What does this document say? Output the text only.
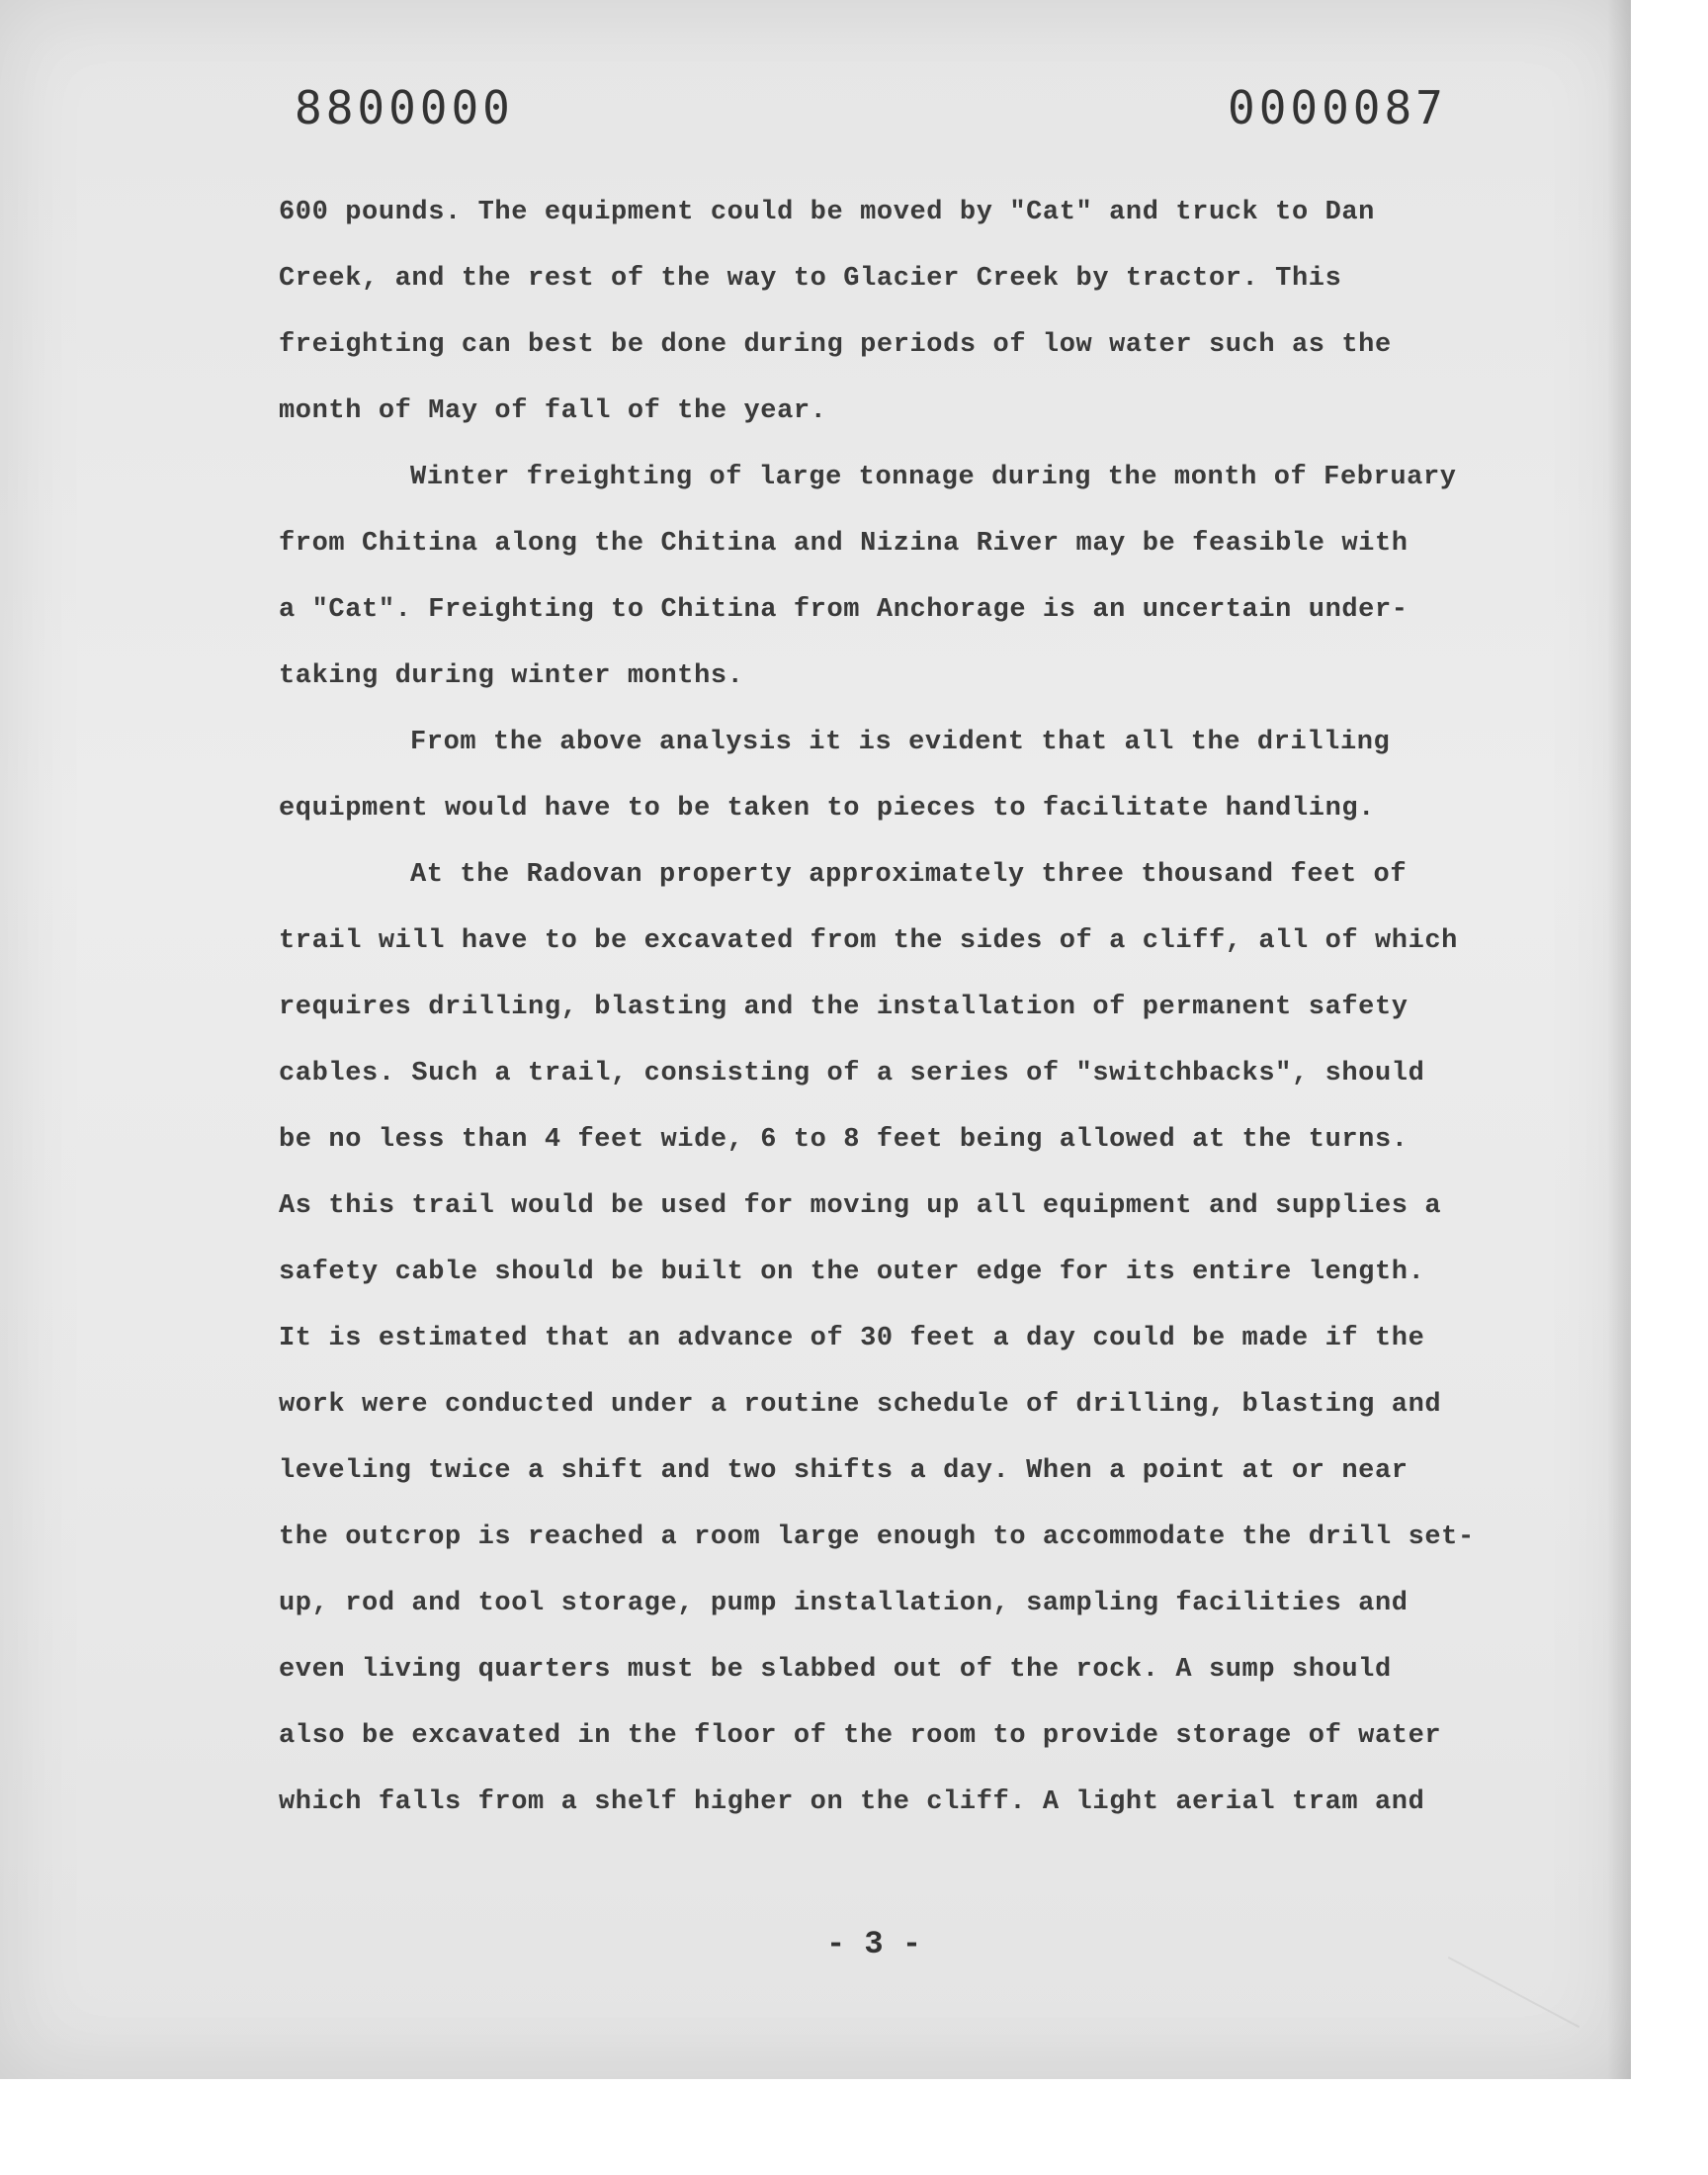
8800000	0000087
600 pounds. The equipment could be moved by "Cat" and truck to Dan
Creek, and the rest of the way to Glacier Creek by tractor. This
freighting can best be done during periods of low water such as the
month of May of fall of the year.
Winter freighting of large tonnage during the month of February
from Chitina along the Chitina and Nizina River may be feasible with
a "Cat". Freighting to Chitina from Anchorage is an uncertain under-
taking during winter months.
From the above analysis it is evident that all the drilling
equipment would have to be taken to pieces to facilitate handling.
At the Radovan property approximately three thousand feet of
trail will have to be excavated from the sides of a cliff, all of which
requires drilling, blasting and the installation of permanent safety
cables. Such a trail, consisting of a series of "switchbacks", should
be no less than 4 feet wide, 6 to 8 feet being allowed at the turns.
As this trail would be used for moving up all equipment and supplies a
safety cable should be built on the outer edge for its entire length.
It is estimated that an advance of 30 feet a day could be made if the
work were conducted under a routine schedule of drilling, blasting and
leveling twice a shift and two shifts a day. When a point at or near
the outcrop is reached a room large enough to accommodate the drill set-
up, rod and tool storage, pump installation, sampling facilities and
even living quarters must be slabbed out of the rock. A sump should
also be excavated in the floor of the room to provide storage of water
which falls from a shelf higher on the cliff. A light aerial tram and
- 3 -
